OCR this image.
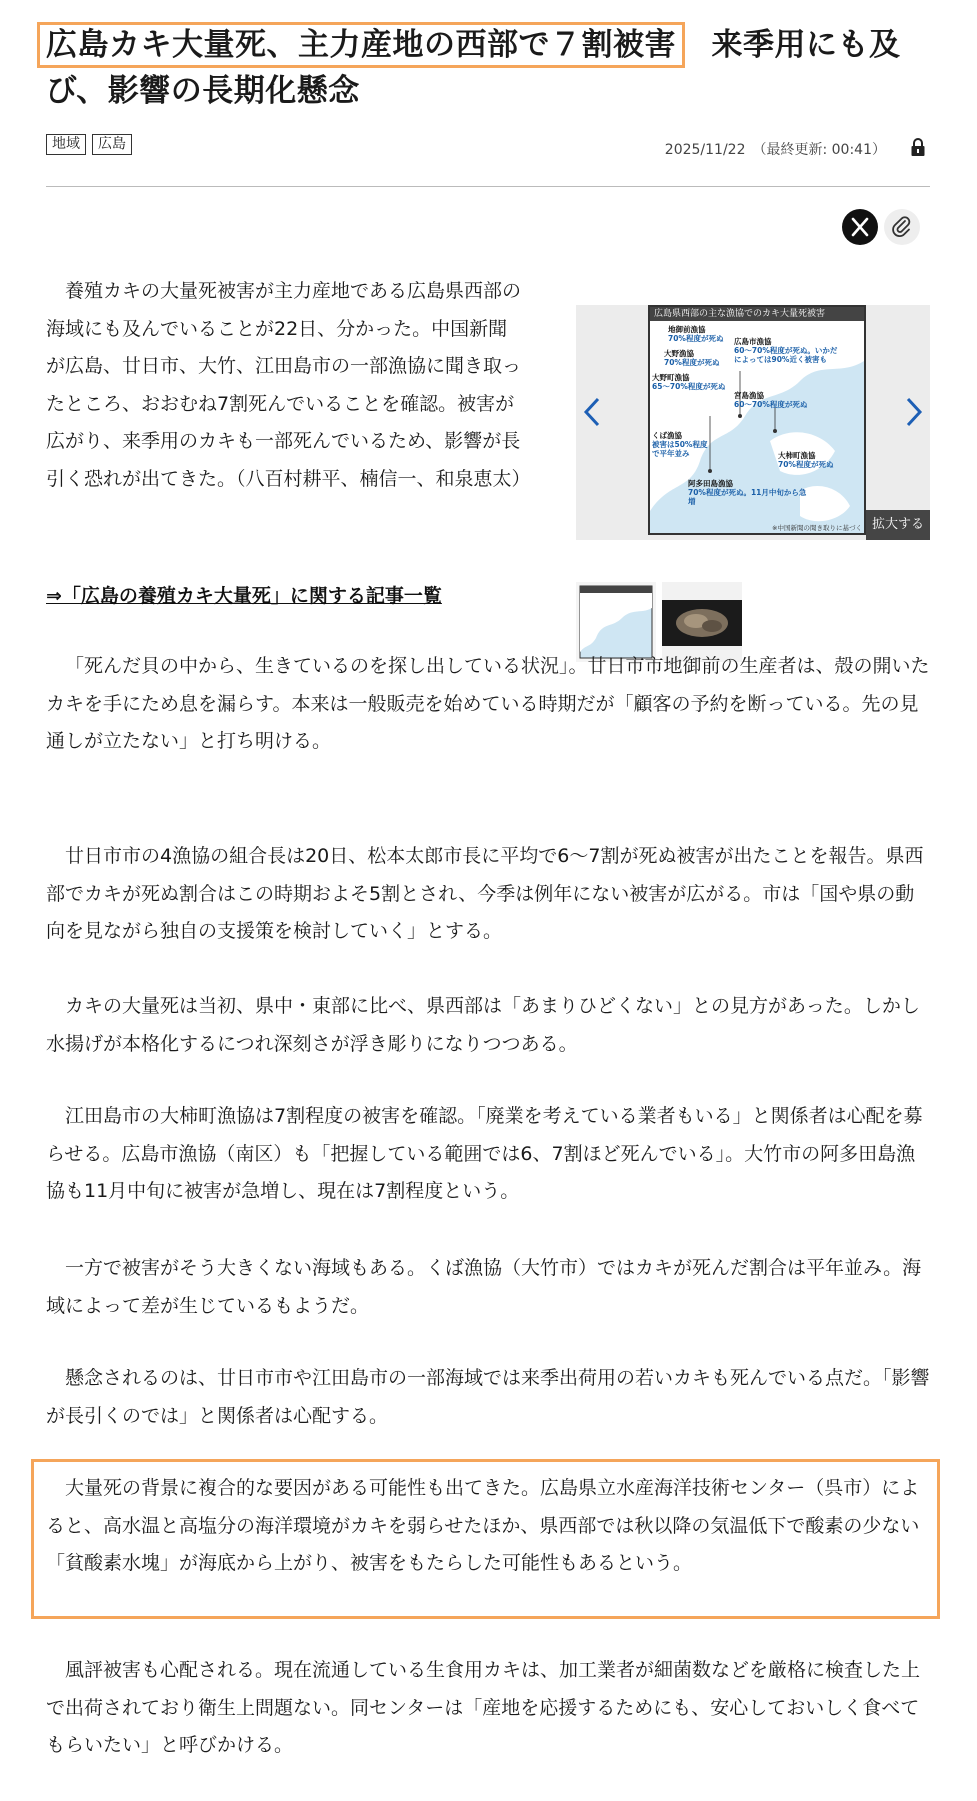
広島カキ大量死、主力産地の西部で７割被害　 来季用にも及び、影響の長期化懸念
地域 広島	2025/11/22　（最終更新: 00:41）

養殖カキの大量死被害が主力産地である広島県西部の海域にも及んでいることが22日、分かった。中国新聞が広島、廿日市、大竹、江田島市の一部漁協に聞き取ったところ、おおむね7割死んでいることを確認。被害が広がり、来季用のカキも一部死んでいるため、影響が長引く恐れが出てきた。（八百村耕平、楠信一、和泉恵太）

⇒「広島の養殖カキ大量死」に関する記事一覧
広島県西部の主な漁協でのカキ大量死被害
地御前漁協
70%程度が死ぬ
大野漁協
70%程度が死ぬ
大野町漁協
65〜70%程度が死ぬ
広島市漁協
60〜70%程度が死ぬ。いかだによっては90%近く被害も
宮島漁協
60〜70%程度が死ぬ
くば漁協
被害は50%程度で平年並み	大柿町漁協
70%程度が死ぬ
阿多田島漁協
70%程度が死ぬ。11月中旬から急増
※中国新聞の聞き取りに基づく 拡大する

「死んだ貝の中から、生きているのを探し出している状況」。廿日市市地御前の生産者は、殻の開いたカキを手にため息を漏らす。本来は一般販売を始めている時期だが「顧客の予約を断っている。先の見通しが立たない」と打ち明ける。

廿日市市の4漁協の組合長は20日、松本太郎市長に平均で6〜7割が死ぬ被害が出たことを報告。県西部でカキが死ぬ割合はこの時期およそ5割とされ、今季は例年にない被害が広がる。市は「国や県の動向を見ながら独自の支援策を検討していく」とする。

カキの大量死は当初、県中・東部に比べ、県西部は「あまりひどくない」との見方があった。しかし水揚げが本格化するにつれ深刻さが浮き彫りになりつつある。

江田島市の大柿町漁協は7割程度の被害を確認。「廃業を考えている業者もいる」と関係者は心配を募らせる。広島市漁協（南区）も「把握している範囲では6、7割ほど死んでいる」。大竹市の阿多田島漁協も11月中旬に被害が急増し、現在は7割程度という。

一方で被害がそう大きくない海域もある。くば漁協（大竹市）ではカキが死んだ割合は平年並み。海域によって差が生じているもようだ。

懸念されるのは、廿日市市や江田島市の一部海域では来季出荷用の若いカキも死んでいる点だ。「影響が長引くのでは」と関係者は心配する。

大量死の背景に複合的な要因がある可能性も出てきた。広島県立水産海洋技術センター（呉市）によると、高水温と高塩分の海洋環境がカキを弱らせたほか、県西部では秋以降の気温低下で酸素の少ない「貧酸素水塊」が海底から上がり、被害をもたらした可能性もあるという。

風評被害も心配される。現在流通している生食用カキは、加工業者が細菌数などを厳格に検査した上で出荷されており衛生上問題ない。同センターは「産地を応援するためにも、安心しておいしく食べてもらいたい」と呼びかける。
